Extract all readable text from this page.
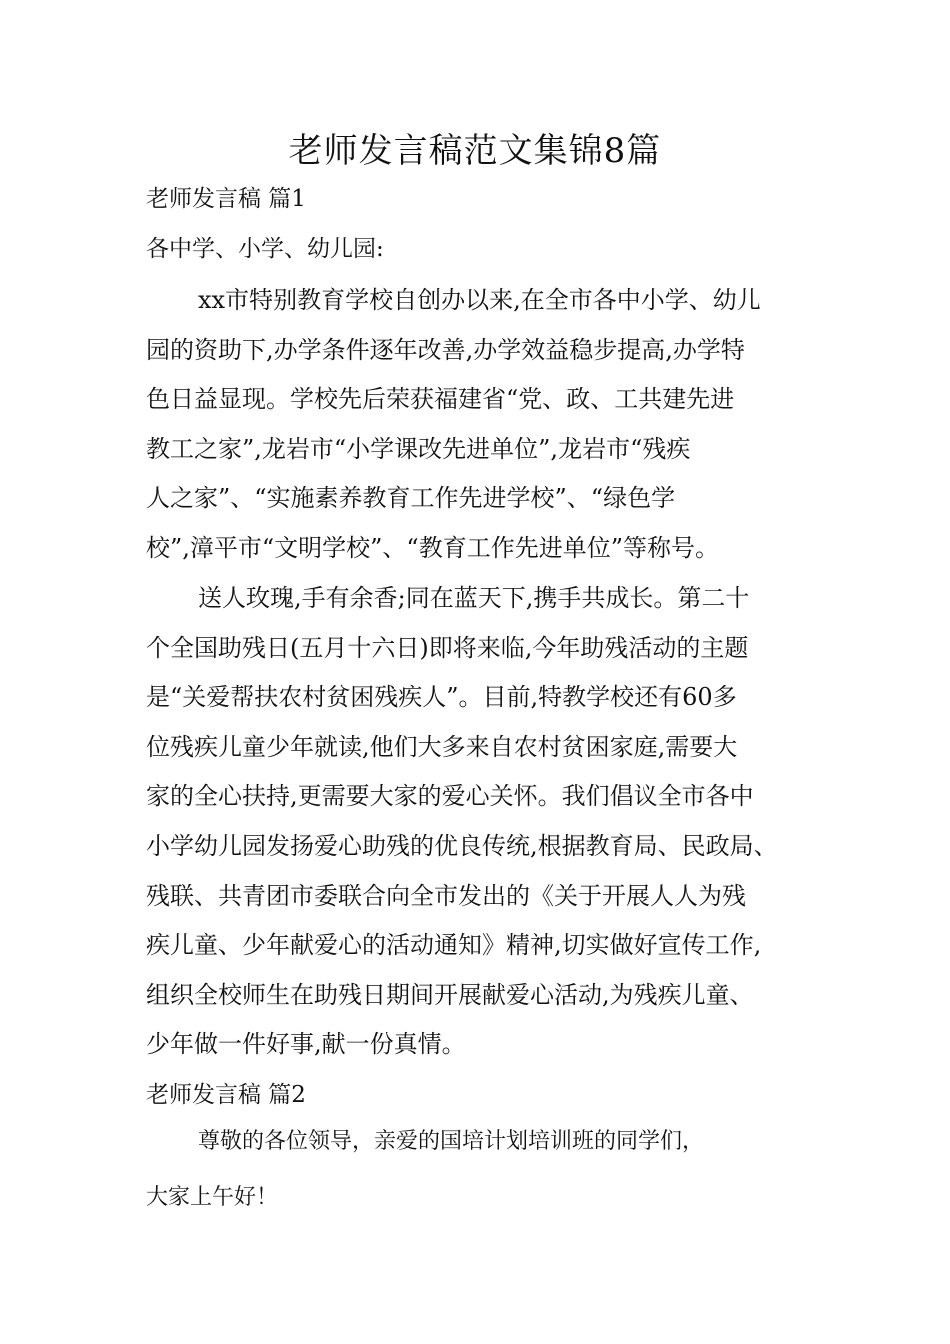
老师发言稿范文集锦8篇
老师发言稿 篇1
各中学、小学、幼儿园:
xx市特别教育学校自创办以来,在全市各中小学、幼儿
园的资助下,办学条件逐年改善,办学效益稳步提高,办学特
色日益显现。学校先后荣获福建省“党、政、工共建先进
教工之家”,龙岩市“小学课改先进单位”,龙岩市“残疾
人之家”、“实施素养教育工作先进学校”、“绿色学
校”,漳平市“文明学校”、“教育工作先进单位”等称号。
送人玫瑰,手有余香;同在蓝天下,携手共成长。第二十
个全国助残日(五月十六日)即将来临,今年助残活动的主题
是“关爱帮扶农村贫困残疾人”。目前,特教学校还有60多
位残疾儿童少年就读,他们大多来自农村贫困家庭,需要大
家的全心扶持,更需要大家的爱心关怀。我们倡议全市各中
小学幼儿园发扬爱心助残的优良传统,根据教育局、民政局、
残联、共青团市委联合向全市发出的《关于开展人人为残
疾儿童、少年献爱心的活动通知》精神,切实做好宣传工作,
组织全校师生在助残日期间开展献爱心活动,为残疾儿童、
少年做一件好事,献一份真情。
老师发言稿 篇2
尊敬的各位领导，亲爱的国培计划培训班的同学们，
大家上午好！
